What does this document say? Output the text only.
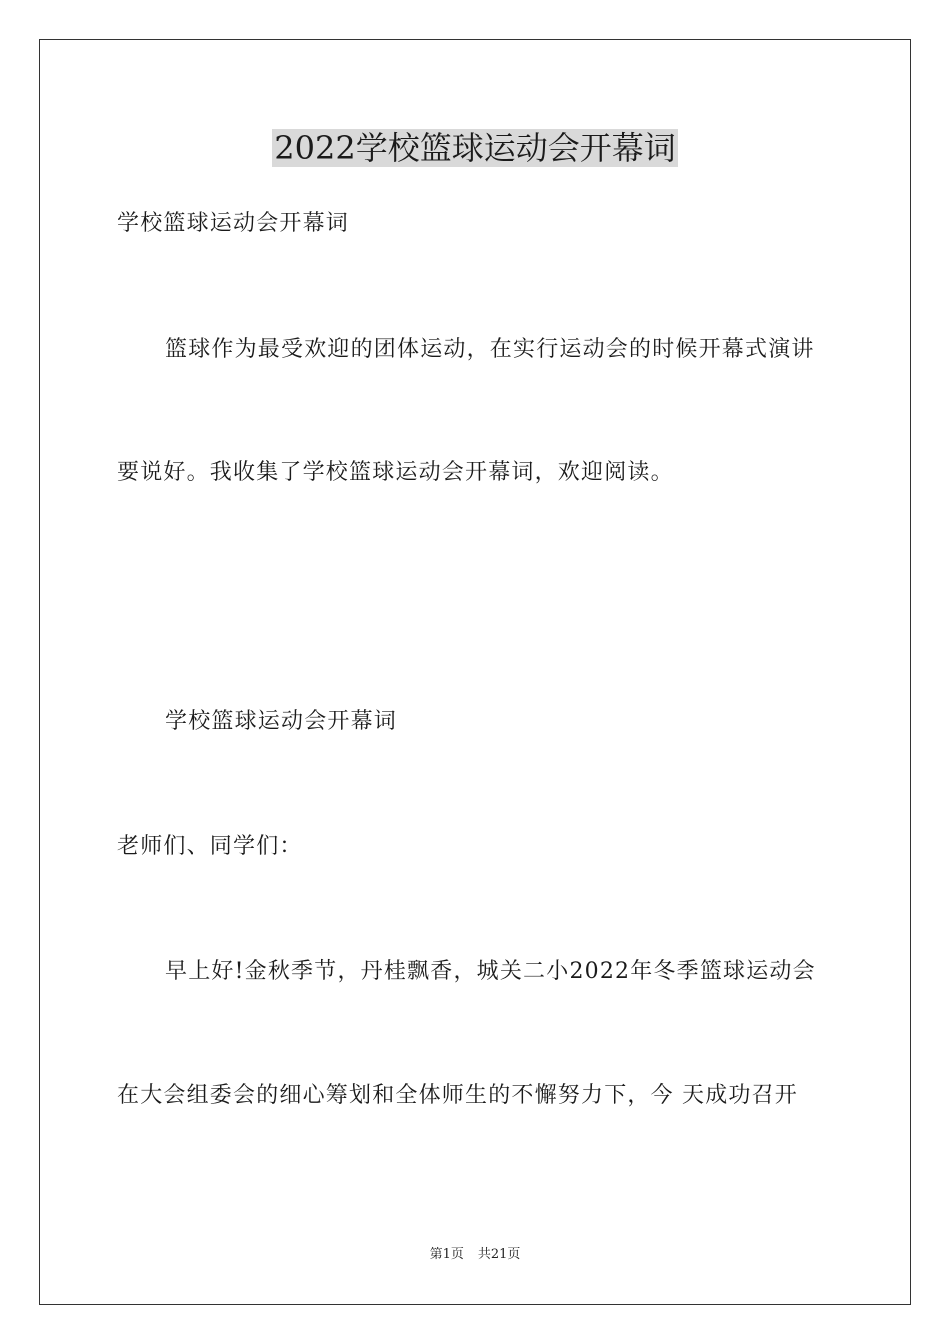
2022学校篮球运动会开幕词

学校篮球运动会开幕词

篮球作为最受欢迎的团体运动，在实行运动会的时候开幕式演讲

要说好。我收集了学校篮球运动会开幕词，欢迎阅读。

学校篮球运动会开幕词

老师们、同学们：

早上好!金秋季节，丹桂飘香，城关二小2022年冬季篮球运动会

在大会组委会的细心筹划和全体师生的不懈努力下，今 天成功召开

第1页 共21页
